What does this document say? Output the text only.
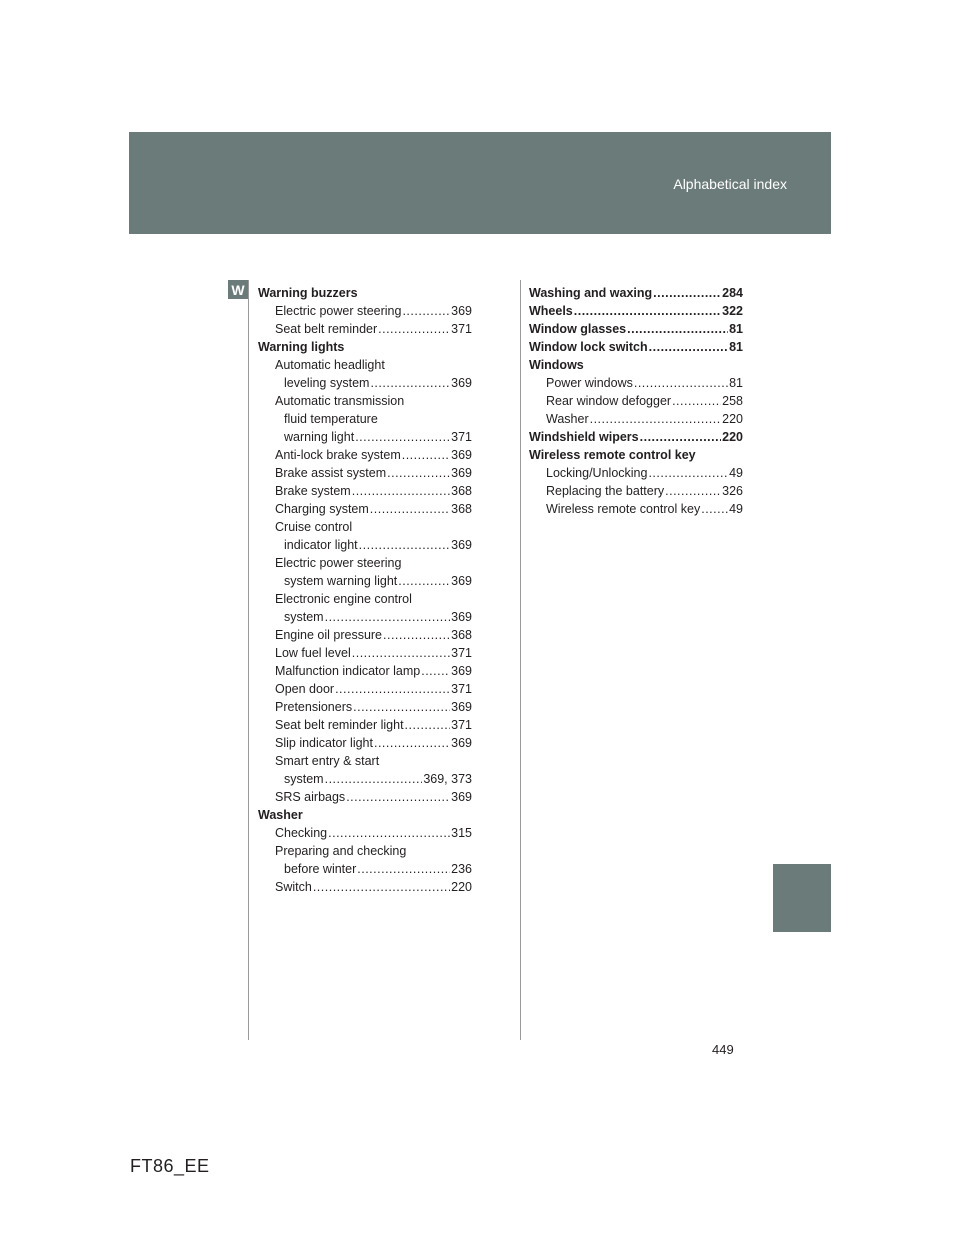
Alphabetical index
W Warning buzzers
Electric power steering .....	369
Seat belt reminder .....	371
Warning lights
Automatic headlight
leveling system .....	369
Automatic transmission
fluid temperature
warning light .....	371
Anti-lock brake system .....	369
Brake assist system .....	369
Brake system .....	368
Charging system .....	368
Cruise control
indicator light .....	369
Electric power steering
system warning light .....	369
Electronic engine control
system .....	369
Engine oil pressure .....	368
Low fuel level .....	371
Malfunction indicator lamp ..... 369
Open door .....	371
Pretensioners .....	369
Seat belt reminder light .....	371
Slip indicator light .....	369
Smart entry & start
system .....	369, 373
SRS airbags .....	369
Washer
Checking .....	315
Preparing and checking
before winter .....	236
Switch .....	220
Washing and waxing .....	284
Wheels .....	322
Window glasses .....	81
Window lock switch .....	81
Windows
Power windows .....	81
Rear window defogger .....	258
Washer .....	220
Windshield wipers .....	220
Wireless remote control key
Locking/Unlocking .....	49
Replacing the battery .....	326
Wireless remote control key ..... 49
449
FT86_EE
